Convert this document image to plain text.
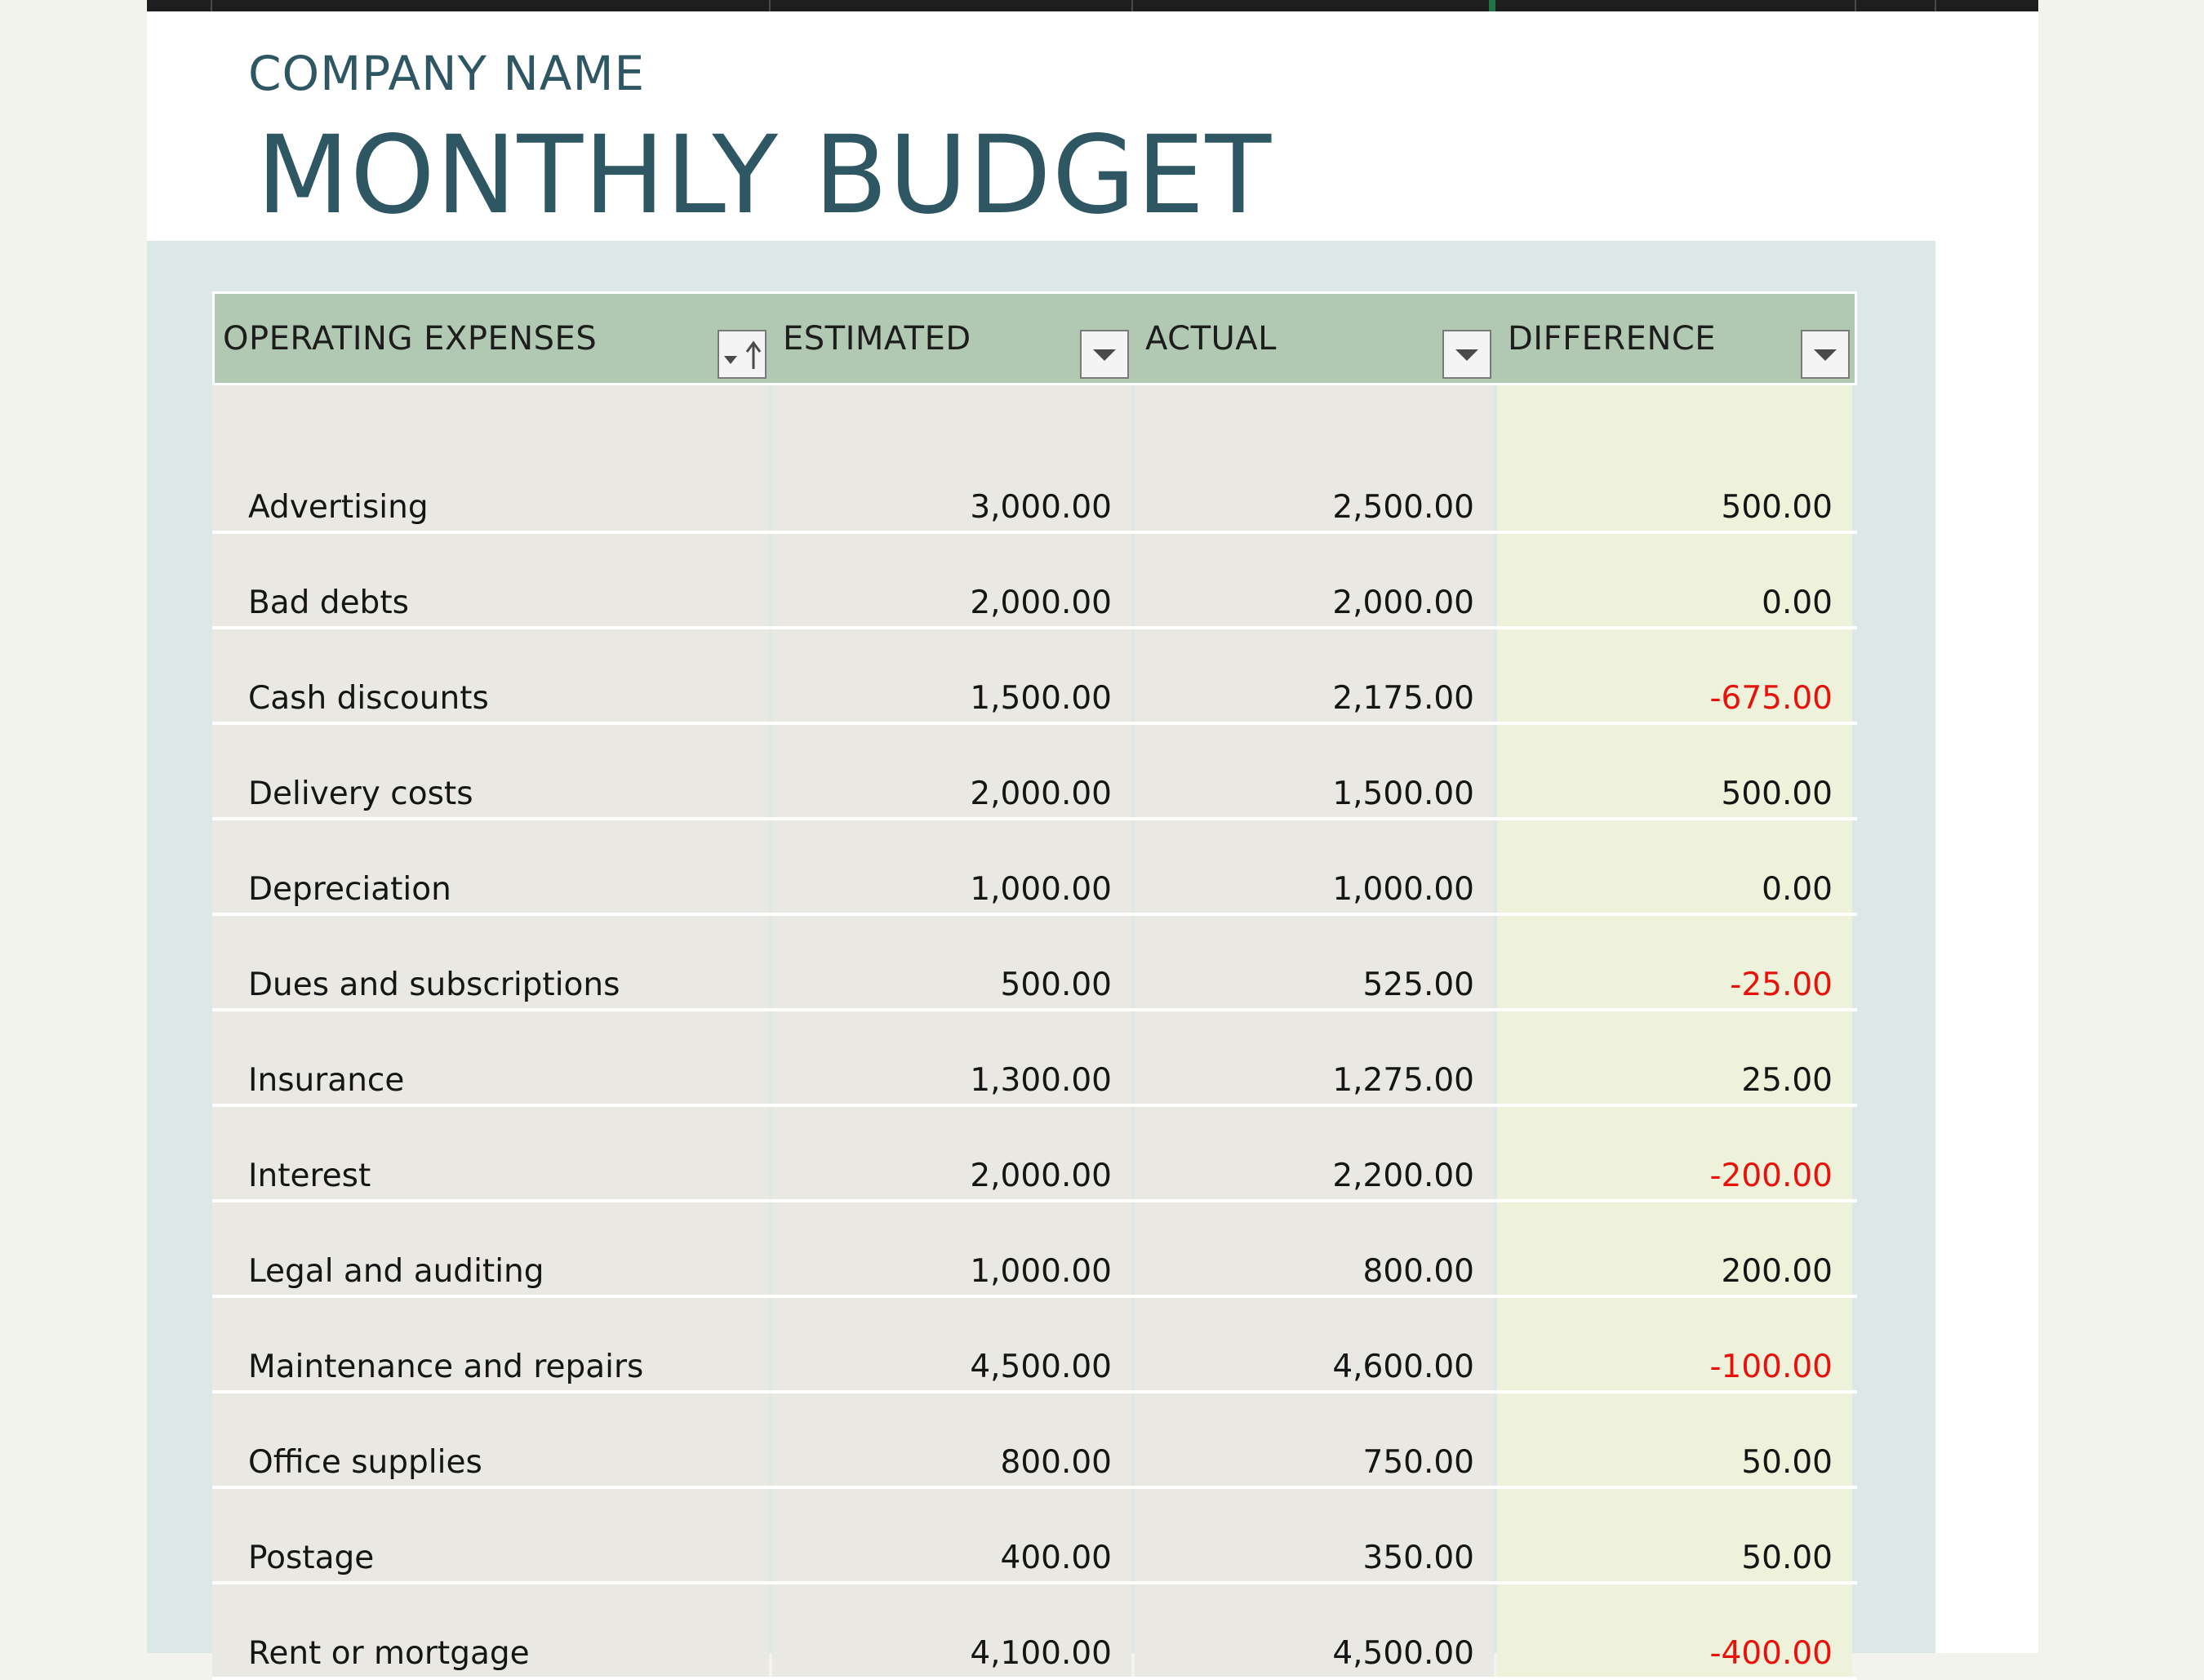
COMPANY NAME
MONTHLY BUDGET
OPERATING EXPENSES	ESTIMATED	ACTUAL	DIFFERENCE
Advertising	3,000.00	2,500.00	500.00
Bad debts	2,000.00	2,000.00	0.00
Cash discounts	1,500.00	2,175.00	-675.00
Delivery costs	2,000.00	1,500.00	500.00
Depreciation	1,000.00	1,000.00	0.00
Dues and subscriptions	500.00	525.00	-25.00
Insurance	1,300.00	1,275.00	25.00
Interest	2,000.00	2,200.00	-200.00
Legal and auditing	1,000.00	800.00	200.00
Maintenance and repairs	4,500.00	4,600.00	-100.00
Office supplies	800.00	750.00	50.00
Postage	400.00	350.00	50.00
Rent or mortgage	4,100.00	4,500.00	-400.00
